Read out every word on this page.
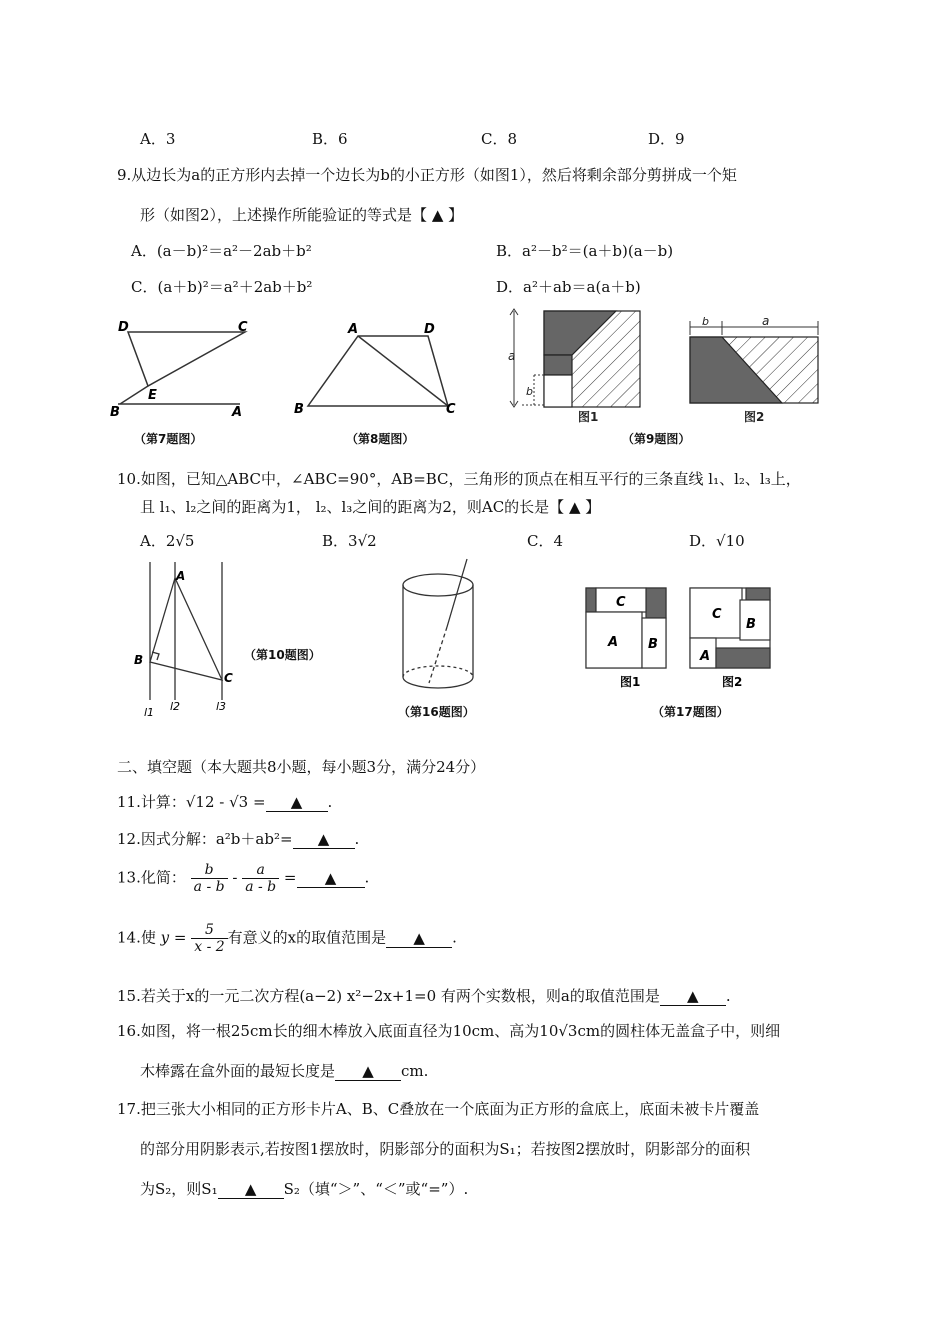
A．3	B．6	C．8	D．9
9.从边长为a的正方形内去掉一个边长为b的小正方形（如图1），然后将剩余部分剪拼成一个矩
形（如图2），上述操作所能验证的等式是【 ▲ 】
A．(a－b)²＝a²－2ab＋b²	B．a²－b²＝(a＋b)(a－b)
C．(a＋b)²＝a²＋2ab＋b²	D．a²＋ab＝a(a＋b)
D	C
E
B	A
（第7题图）
A	D
B	C
（第8题图）
a
b
图1
b	a
图2
（第9题图）
10.如图，已知△ABC中，∠ABC=90°，AB=BC，三角形的顶点在相互平行的三条直线 l₁、l₂、l₃上，
且 l₁、l₂之间的距离为1， l₂、l₃之间的距离为2，则AC的长是【 ▲ 】
A．2√5	B．3√2	C．4	D．√10
A
B
C
l1 l2	l3
（第10题图）
（第16题图）
C
A B
C
B
A
图1	图2
（第17题图）
二、填空题（本大题共8小题，每小题3分，满分24分）
11.计算：√12 - √3 = ▲ .
12.因式分解：a²b＋ab²= ▲ .
13.化简： $\frac{b}{a - b} - \frac{a}{a - b}$ = ▲ .
14.使 $y = \frac{5}{x - 2}$ 有意义的x的取值范围是 ▲ .
15.若关于x的一元二次方程(a−2) x²−2x+1=0 有两个实数根，则a的取值范围是 ▲ .
16.如图，将一根25cm长的细木棒放入底面直径为10cm、高为10√3cm的圆柱体无盖盒子中，则细
木棒露在盒外面的最短长度是 ▲ cm.
17.把三张大小相同的正方形卡片A、B、C叠放在一个底面为正方形的盒底上，底面未被卡片覆盖
的部分用阴影表示,若按图1摆放时，阴影部分的面积为S₁；若按图2摆放时，阴影部分的面积
为S₂，则S₁ ▲ S₂（填“＞”、“＜”或“=”）.
